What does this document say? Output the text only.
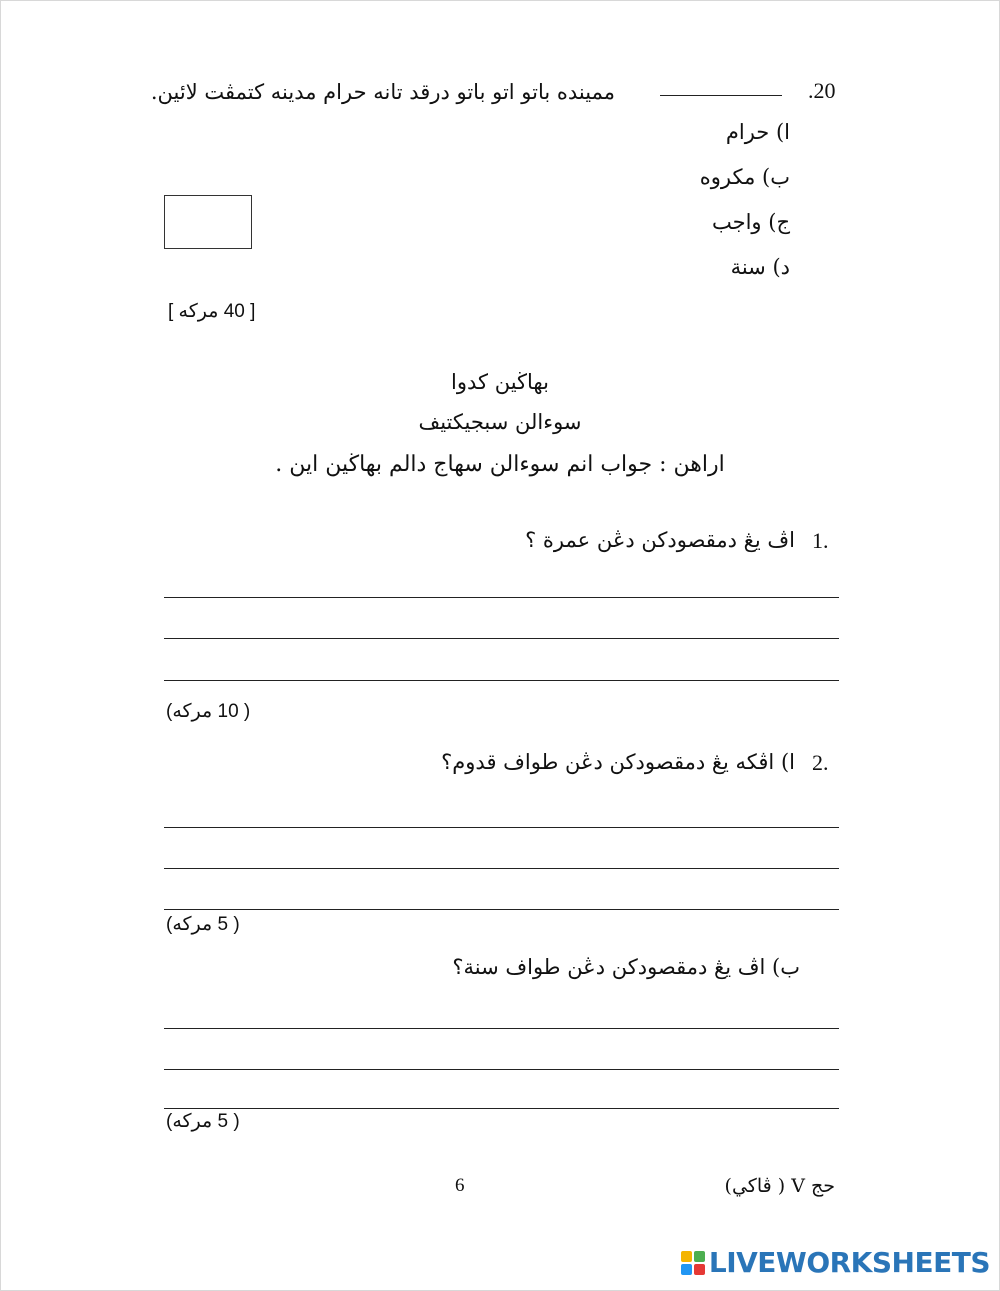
.20
مميندە باتو اتو باتو درقد تانە حرام مدينه كتمڤت لائين.
ا) حرام
ب) مكروه
ج) واجب
د) سنة
[ 40 مركه ]
بهاڬين كدوا
سوءالن سبجيكتيف
اراهن : جواب انم سوءالن سهاج دالم بهاڬين اين .
1.
اڤ يڠ دمقصودكن دڠن عمرة ؟
( 10 مركه)
2.
ا) اڤكه يڠ دمقصودكن دڠن طواف قدوم؟
( 5 مركه)
ب) اڤ يڠ دمقصودكن دڠن طواف سنة؟
( 5 مركه)
6	حج V ( ڤاكي)
LIVEWORKSHEETS
